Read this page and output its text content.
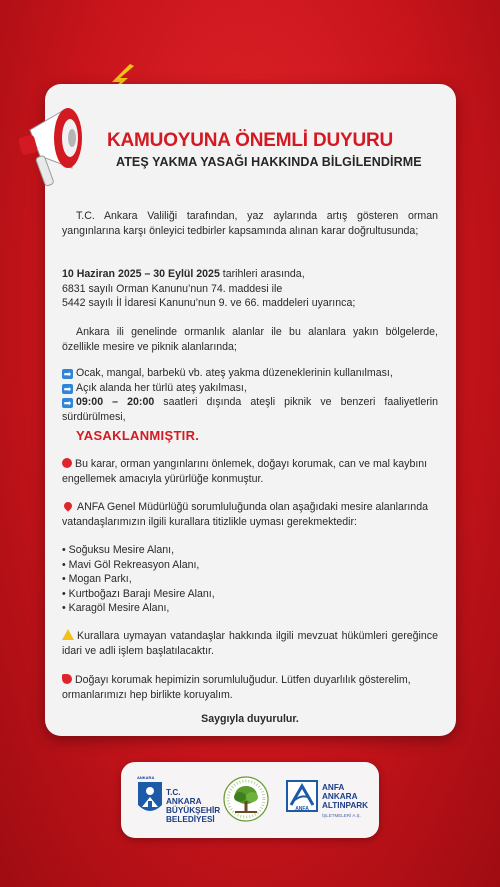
KAMUOYUNA ÖNEMLİ DUYURU
ATEŞ YAKMA YASAĞI HAKKINDA BİLGİLENDİRME

T.C. Ankara Valiliği tarafından, yaz aylarında artış gösteren orman yangınlarına karşı önleyici tedbirler kapsamında alınan karar doğrultusunda;

10 Haziran 2025 – 30 Eylül 2025 tarihleri arasında,
6831 sayılı Orman Kanunu’nun 74. maddesi ile
5442 sayılı İl İdaresi Kanunu’nun 9. ve 66. maddeleri uyarınca;

Ankara ili genelinde ormanlık alanlar ile bu alanlara yakın bölgelerde, özellikle mesire ve piknik alanlarında;

➡ Ocak, mangal, barbekü vb. ateş yakma düzeneklerinin kullanılması,
➡ Açık alanda her türlü ateş yakılması,
➡ 09:00 – 20:00 saatleri dışında ateşli piknik ve benzeri faaliyetlerin sürdürülmesi,

YASAKLANMIŞTIR.

Bu karar, orman yangınlarını önlemek, doğayı korumak, can ve mal kaybını engellemek amacıyla yürürlüğe konmuştur.

ANFA Genel Müdürlüğü sorumluluğunda olan aşağıdaki mesire alanlarında vatandaşlarımızın ilgili kurallara titizlikle uyması gerekmektedir:

• Soğuksu Mesire Alanı,
• Mavi Göl Rekreasyon Alanı,
• Mogan Parkı,
• Kurtboğazı Barajı Mesire Alanı,
• Karagöl Mesire Alanı,

Kurallara uymayan vatandaşlar hakkında ilgili mevzuat hükümleri gereğince idari ve adli işlem başlatılacaktır.

Doğayı korumak hepimizin sorumluluğudur. Lütfen duyarlılık gösterelim, ormanlarımızı hep birlikte koruyalım.

Saygıyla duyurulur.

ANKARA

T.C.
ANKARA
BÜYÜKŞEHİR
BELEDİYESİ

ANFA

ANFA
ANKARA
ALTINPARK
İŞLETMELERİ A.Ş.
